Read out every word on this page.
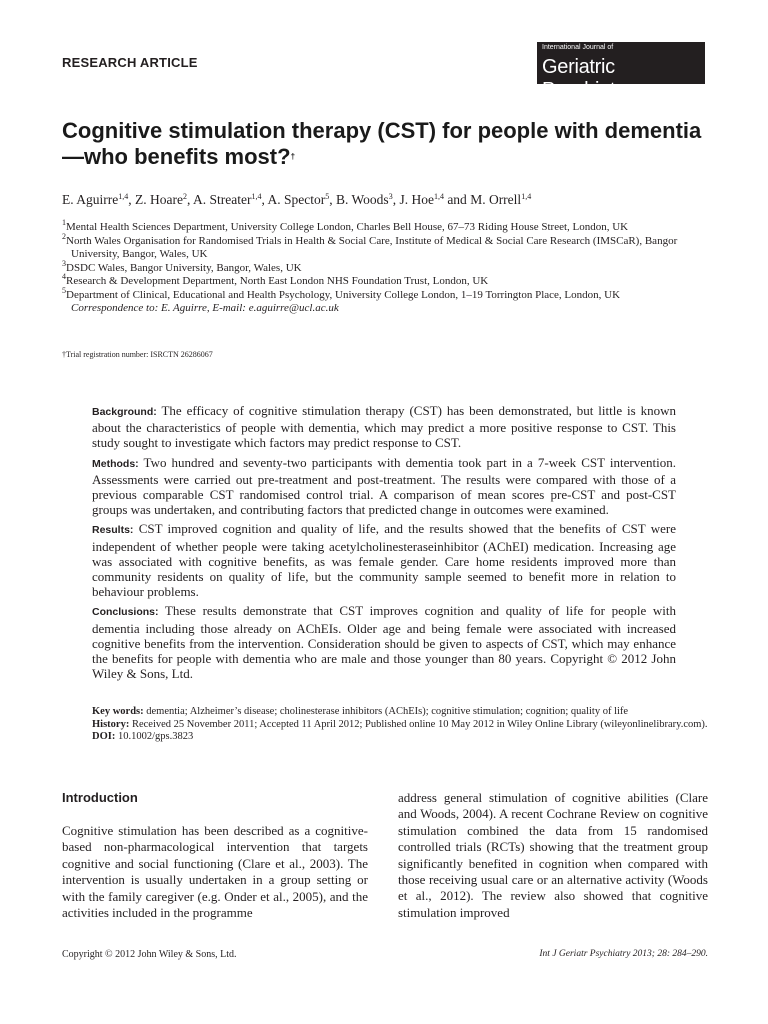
RESEARCH ARTICLE
International Journal of
Geriatric Psychiatry
Cognitive stimulation therapy (CST) for people with dementia—who benefits most?†
E. Aguirre$^{1,4}$, Z. Hoare$^2$, A. Streater$^{1,4}$, A. Spector$^5$, B. Woods$^3$, J. Hoe$^{1,4}$ and M. Orrell$^{1,4}$
$^1$Mental Health Sciences Department, University College London, Charles Bell House, 67–73 Riding House Street, London, UK
$^2$North Wales Organisation for Randomised Trials in Health & Social Care, Institute of Medical & Social Care Research (IMSCaR), Bangor
University, Bangor, Wales, UK
$^3$DSDC Wales, Bangor University, Bangor, Wales, UK
$^4$Research & Development Department, North East London NHS Foundation Trust, London, UK
$^5$Department of Clinical, Educational and Health Psychology, University College London, 1–19 Torrington Place, London, UK
Correspondence to: E. Aguirre, E-mail: e.aguirre@ucl.ac.uk
†Trial registration number: ISRCTN 26286067

Background: The efficacy of cognitive stimulation therapy (CST) has been demonstrated, but little is known about the characteristics of people with dementia, which may predict a more positive response to CST. This study sought to investigate which factors may predict response to CST.

Methods: Two hundred and seventy-two participants with dementia took part in a 7-week CST intervention. Assessments were carried out pre-treatment and post-treatment. The results were compared with those of a previous comparable CST randomised control trial. A comparison of mean scores pre-CST and post-CST groups was undertaken, and contributing factors that predicted change in outcomes were examined.

Results: CST improved cognition and quality of life, and the results showed that the benefits of CST were independent of whether people were taking acetylcholinesteraseinhibitor (AChEI) medication. Increasing age was associated with cognitive benefits, as was female gender. Care home residents improved more than community residents on quality of life, but the community sample seemed to benefit more in relation to behaviour problems.

Conclusions: These results demonstrate that CST improves cognition and quality of life for people with dementia including those already on AChEIs. Older age and being female were associated with increased cognitive benefits from the intervention. Consideration should be given to aspects of CST, which may enhance the benefits for people with dementia who are male and those younger than 80 years. Copyright © 2012 John Wiley & Sons, Ltd.

Key words: dementia; Alzheimer’s disease; cholinesterase inhibitors (AChEIs); cognitive stimulation; cognition; quality of life
History: Received 25 November 2011; Accepted 11 April 2012; Published online 10 May 2012 in Wiley Online Library (wileyonlinelibrary.com).
DOI: 10.1002/gps.3823
Introduction
Cognitive stimulation has been described as a cognitive-based non-pharmacological intervention that targets cognitive and social functioning (Clare et al., 2003). The intervention is usually undertaken in a group setting or with the family caregiver (e.g. Onder et al., 2005), and the activities included in the programme
address general stimulation of cognitive abilities (Clare and Woods, 2004). A recent Cochrane Review on cognitive stimulation combined the data from 15 randomised controlled trials (RCTs) showing that the treatment group significantly benefited in cognition when compared with those receiving usual care or an alternative activity (Woods et al., 2012). The review also showed that cognitive stimulation improved
Copyright © 2012 John Wiley & Sons, Ltd.	Int J Geriatr Psychiatry 2013; 28: 284–290.
